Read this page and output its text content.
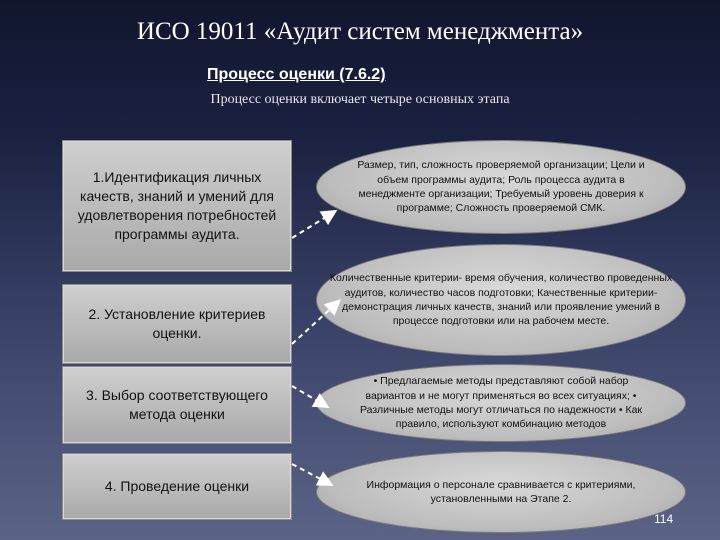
ИСО 19011 «Аудит систем менеджмента»
Процесс оценки (7.6.2)
Процесс оценки включает четыре основных этапа
1.Идентификация личных качеств, знаний и умений для удовлетворения потребностей программы аудита.
2. Установление критериев оценки.
3. Выбор соответствующего метода оценки
4. Проведение оценки
Размер, тип, сложность проверяемой организации; Цели и объем программы аудита; Роль процесса аудита в менеджменте организации; Требуемый уровень доверия к программе; Сложность проверяемой СМК.
Количественные критерии- время обучения, количество проведенных аудитов, количество часов подготовки; Качественные критерии- демонстрация личных качеств, знаний или проявление умений в процессе подготовки или на рабочем месте.
• Предлагаемые методы представляют собой набор вариантов и не могут применяться во всех ситуациях; • Различные методы могут отличаться по надежности • Как правило, используют комбинацию методов
Информация о персонале сравнивается с критериями, установленными на Этапе 2.
114
